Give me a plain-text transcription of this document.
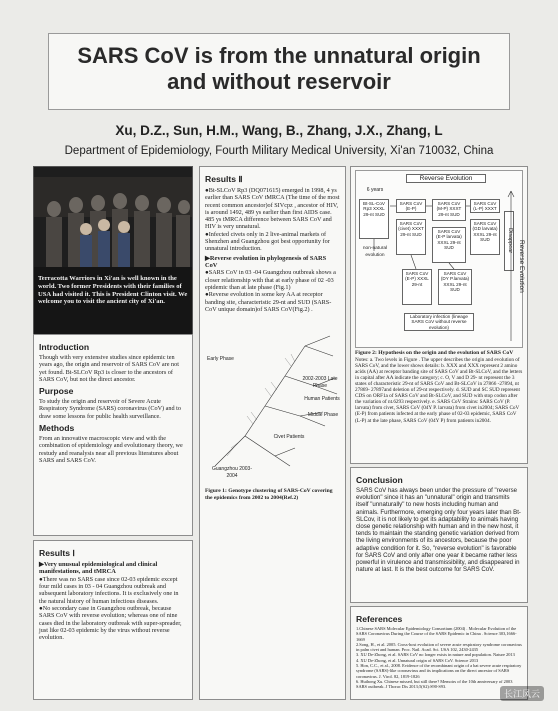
SARS CoV is from the unnatural origin
and without reservoir
Xu, D.Z., Sun, H.M., Wang, B., Zhang, J.X., Zhang, L
Department of Epidemiology, Fourth Military Medical University, Xi'an 710032, China
Terracotta Warriors in Xi'an is well known in the world. Two former Presidents with their families of USA had visited it. This is President Clinton visit. We welcome you to visit the ancient city of Xi'an.
Introduction
Though with very extensive studies since epidemic ten years ago, the origin and reservoir of SARS CoV are not yet found. Bt-SLCoV Rp3 is closer to the ancestors of SARS CoV, but not the direct ancestor.
Purpose
To study the origin and reservoir of Severe Acute Respiratory Syndrome (SARS) coronavirus (CoV) and to draw some lessons for public health surveillance.
Methods
From an innovative macroscopic view and with the combination of epidemiology and evolutionary theory, we restudy and reanalysis near all previous literatures about SARS and SARS CoV.
Results Ⅰ
▶Very unusual epidemiological and clinical manifestations, and tMRCA
●There was no SARS case since 02-03 epidemic except four mild cases in 03 - 04 Guangzhou outbreak and subsequent laboratory infections. It is exclusively one in the natural history of human infectious diseases.
●No secondary case in Guangzhou outbreak, because SARS CoV with reverse evolution; whereas one of nine cases died in the laboratory outbreak with super-spreader, just like 02-03 epidemic by the virus without reverse evolution.
Results Ⅱ
●Bt-SLCoV Rp3 (DQ071615) emerged in 1998, 4 ys earlier than SARS CoV tMRCA (The time of the most recent common ancestor)of SIVcpz , ancestor of HIV, is around 1492, 489 ys earlier than first AIDS case.
485 ys tMRCA difference between SARS CoV and HIV is very unnatural.
●Infected civets only in 2 live-animal markets of Shenzhen and Guangzhou got best opportunity for unnatural introduction.
▶Reverse evolution in phylogenesis of SARS CoV
●SARS CoV in 03 -04 Guangzhou outbreak shows a closer relationship with that at early phase of 02 -03 epidemic than at late phase (Fig.1)
●Reverse evolution in some key AA at receptor banding site, characteristic 29-nt and SUD (SARS-CoV unique domain)of SARS CoV(Fig.2) .
Early Phase
Guangzhou 2003-2004
2002-2003 Late Phase
Human Patients
Civet Patients
Middle Phase
Figure 1: Genotype clustering of SARS-CoV covering the epidemics from 2002 to 2004(Ref.2)
Reverse Evolution
6 years
Bt-SL-CoV Rp3 XXXL 29-nt SUD
SARS CoV (E-P)
SARS CoV (M-P) XXXT 29-nt SUD
SARS CoV (L-P) XXXT
SARS CoV (civet) XXXT 29-nt SUD
SARS CoV (E-P larvata) XXXL 29-nt SUD
SARS CoV (GD larvata) XXXL 29-nt SUD
SARS CoV (E-P) XXXL 29-nt
SARS CoV (DY P.larvata) XXXL 29-nt SUD
non-natural evolution
Laboratory infection (lineage SARS CoV without reverse evolution)
Disappear Reverse Evolution
Figure 2: Hypothesis on the origin and the evolution of SARS CoV
Notes: a. Two levels in Figure . The upper describes the origin and evolution of SARS CoV, and the lower shows details: b. XXX and XXX represent 2 amino acids (AA) at receptor banding site of SARS CoV and Bt-SLCoV, and the letters in capital after AA indicate the category; c. O, V and D 29- nt represent the 3 states of characteristic 29-nt of SARS CoV and Bt-SLCoV in 27866 -27894, nt 27869- 27897and deletion of 29-nt respectively. d. SUD and SC SUD represent CDS on ORF1a of SARS CoV and Bt-SLCoV, and SUD with stop codon after the variation of nt.6293 respectively. e. SARS CoV Strains: SARS CoV (P. larvata) from civet, SARS CoV (04Y P. larvata) from civet in2004; SARS CoV (E-P) from patients infected at the early phase of 02-03 epidemic, SARS CoV (L-P) at the late phase, SARS CoV (04Y P) from patients in2004.
Conclusion
SARS CoV has always been under the pressure of "reverse evolution" since it has an "unnatural" origin and transmits itself "unnaturally" to new hosts including human and animals. Furthermore, emerging only four years later than Bt-SLCov, it is not likely to get its adaptability to animals having close genetic relationship with human and in the new host, it tends to maintain the standing genetic variation derived from the living environments of its ancestors, because the poor adaptive condition for it. So, "reverse evolution" is favorable for SARS CoV and only after one year it became rather less powerful in virulence and transmissibility, and disappeared in nature at last. It is the best outcome for SARS CoV.
References
1.Chinese SARS Molecular Epidemiology Consortium (2004) . Molecular Evolution of the SARS Coronavirus During the Course of the SARS Epidemic in China . Science 303,1666-1669
2.Song, H., et al. 2005. Cross-host evolution of severe acute respiratory syndrome coronavirus in palm civet and human. Proc. Natl. Acad. Sci. USA 102, 2430-2435
3. XU De-Zhong, et al. SARS CoV no longer exists in nature and population. Nature 2013
4. XU De-Zhong, et al. Unnatural origin of SARS CoV. Science 2013
5. Hon, C.C., et al., 2008. Evidence of the recombinant origin of a bat severe acute respiratory syndrome (SARS)-like coronavirus and its implications on the direct ancestor of SARS coronavirus. J. Virol. 82, 1819-1826
6. Huihong Xu. Chinese missed, but still there? Memoirs of the 10th anniversary of 2003 SARS outbreak. J Thorac Dis 2013;5(S2):S90-S93.
长江风云
